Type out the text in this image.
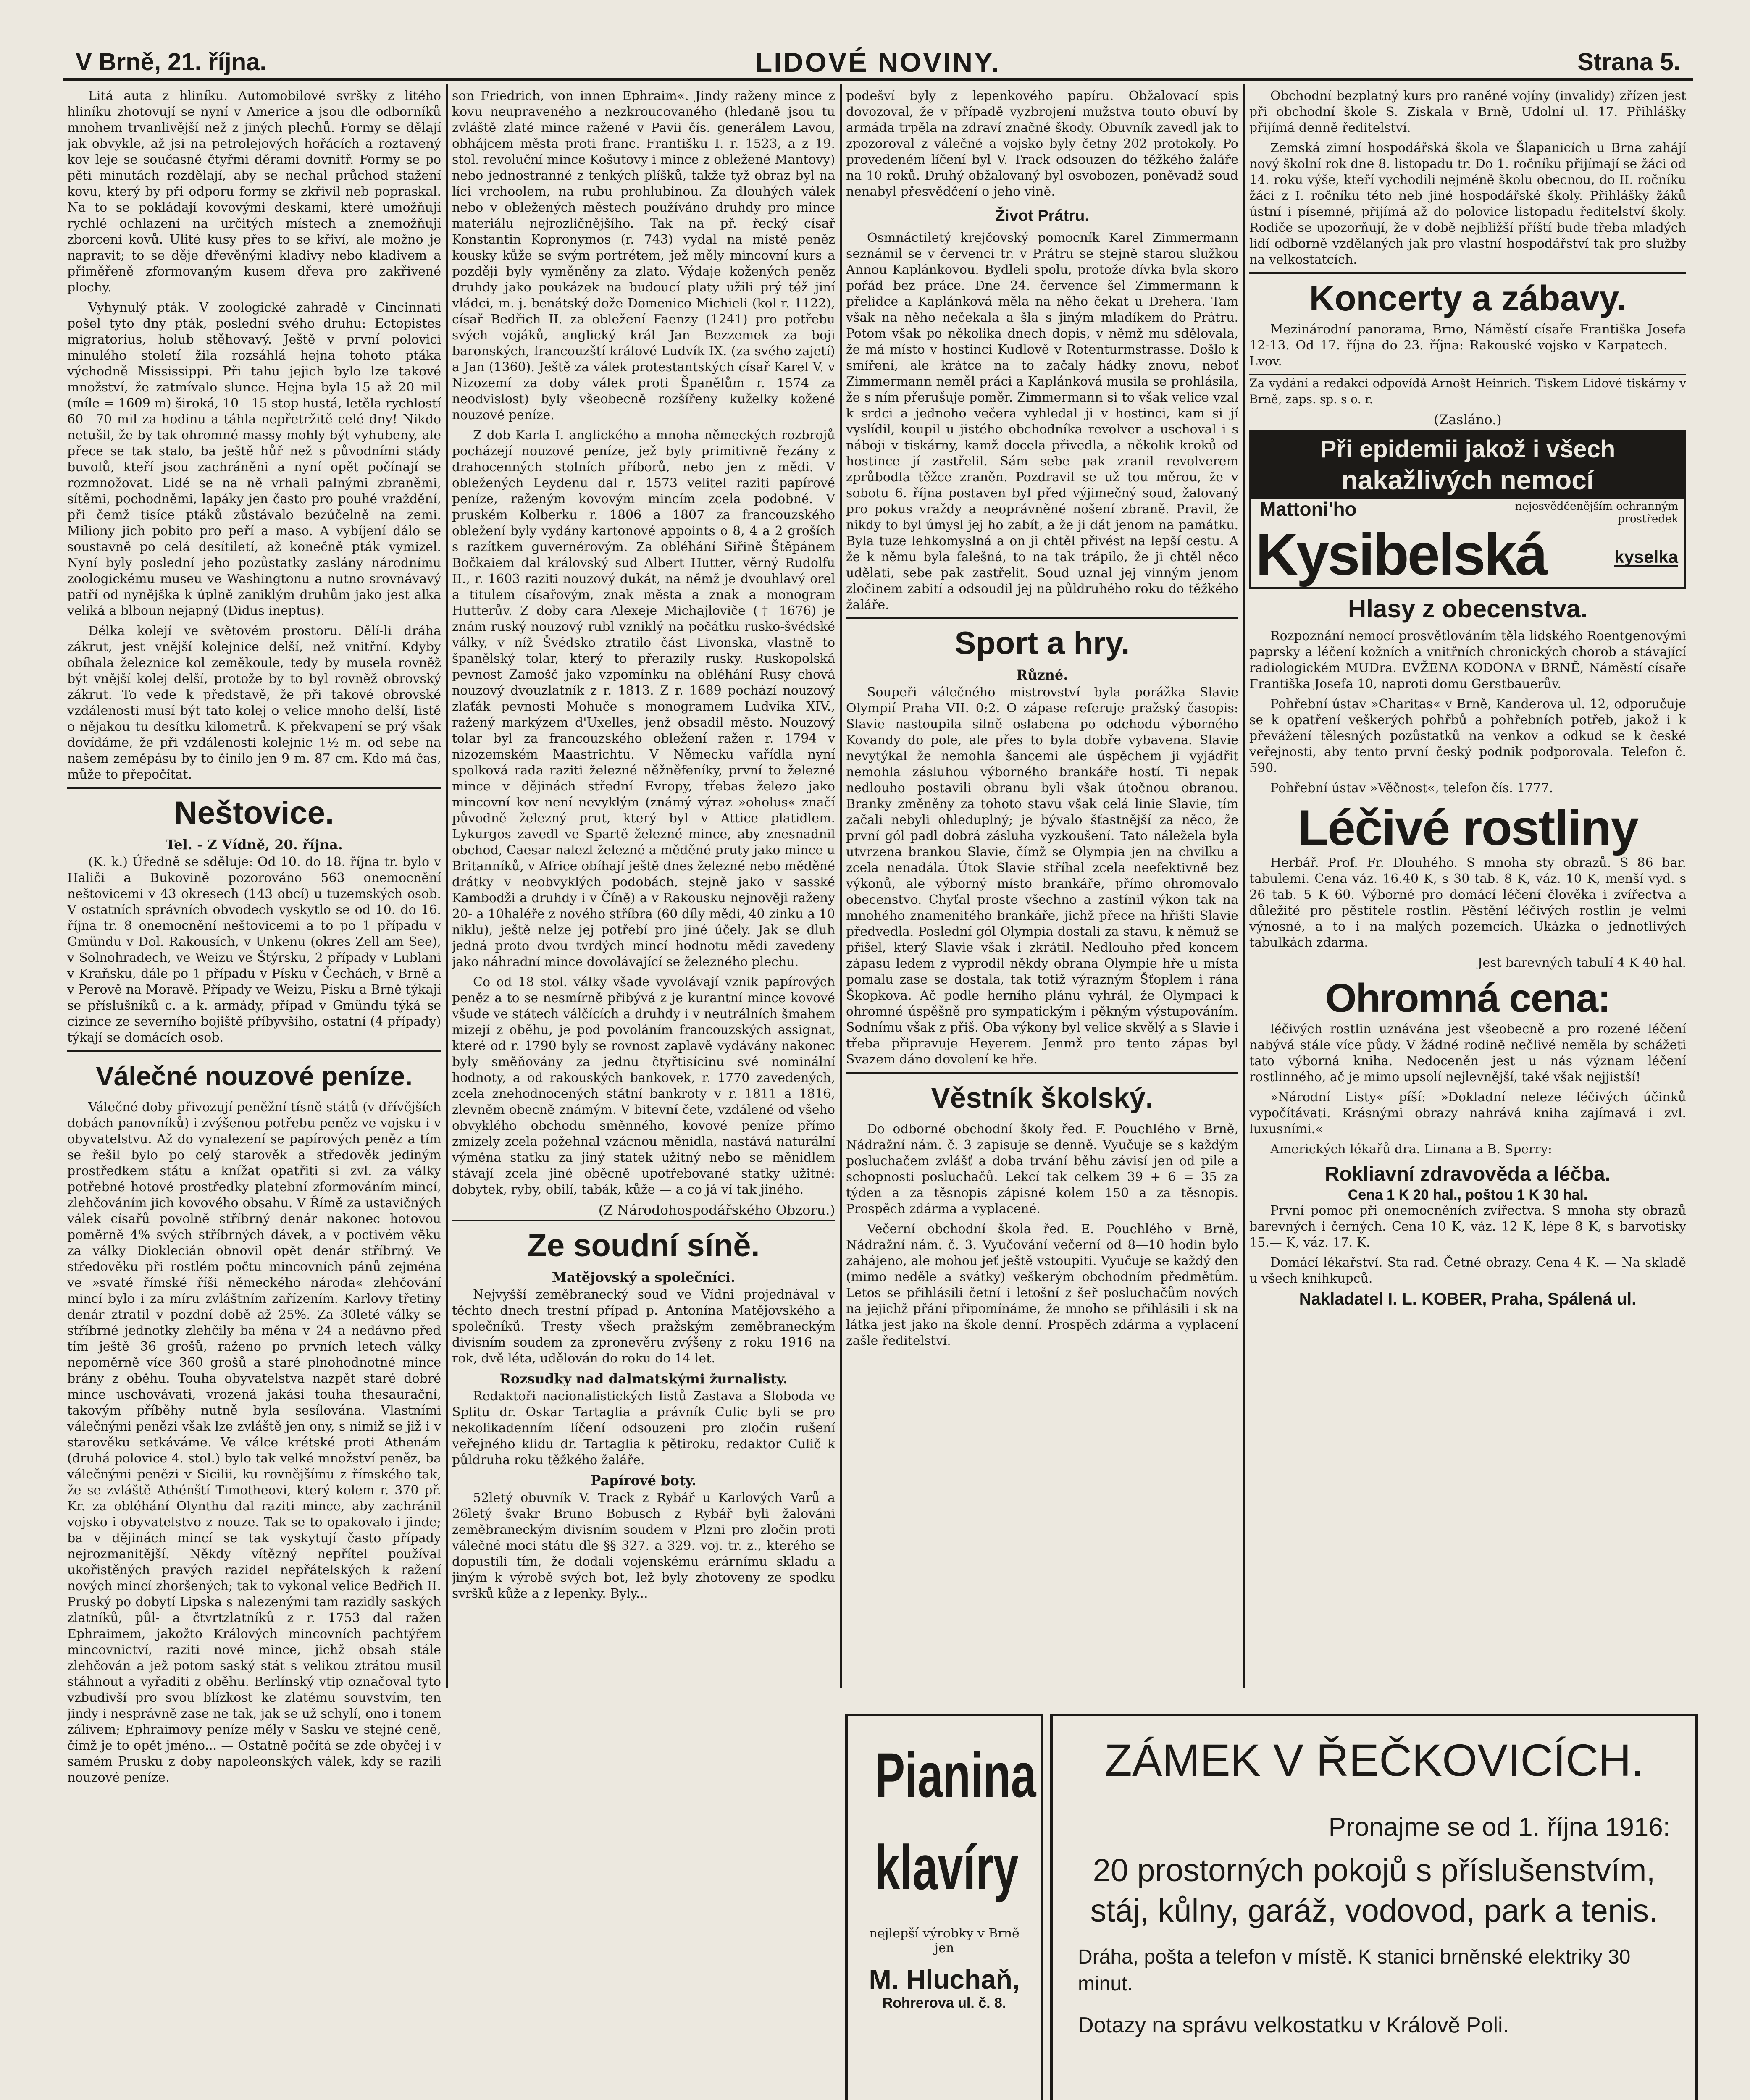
V Brně, 21. října.	LIDOVÉ NOVINY.	Strana 5.

Litá auta z hliníku. Automobilové svršky z litého hliníku zhotovují se nyní v Americe a jsou dle odborníků mnohem trvanlivější než z jiných plechů. Formy se dělají jak obvykle, až jsi na petrolejových hořácích a roztavený kov leje se současně čtyřmi děrami dovnitř. Formy se po pěti minutách rozdělají, aby se nechal průchod stažení kovu, který by při odporu formy se zkřivil neb popraskal. Na to se pokládají kovovými deskami, které umožňují rychlé ochlazení na určitých místech a znemožňují zborcení kovů. Ulité kusy přes to se křiví, ale možno je napravit; to se děje dřevěnými kladivy nebo kladivem a přiměřeně zformovaným kusem dřeva pro zakřivené plochy.

Vyhynulý pták. V zoologické zahradě v Cincinnati pošel tyto dny pták, poslední svého druhu: Ectopistes migratorius, holub stěhovavý. Ještě v první polovici minulého století žila rozsáhlá hejna tohoto ptáka východně Mississippi. Při tahu jejich bylo lze takové množství, že zatmívalo slunce. Hejna byla 15 až 20 mil (míle = 1609 m) široká, 10—15 stop hustá, letěla rychlostí 60—70 mil za hodinu a táhla nepřetržitě celé dny! Nikdo netušil, že by tak ohromné massy mohly být vyhubeny, ale přece se tak stalo, ba ještě hůř než s původními stády buvolů, kteří jsou zachráněni a nyní opět počínají se rozmnožovat. Lidé se na ně vrhali palnými zbraněmi, sítěmi, pochodněmi, lapáky jen často pro pouhé vraždění, při čemž tisíce ptáků zůstávalo bezúčelně na zemi. Miliony jich pobito pro peří a maso. A vybíjení dálo se soustavně po celá desítiletí, až konečně pták vymizel. Nyní byly poslední jeho pozůstatky zaslány národnímu zoologickému museu ve Washingtonu a nutno srovnávavý patří od nynějška k úplně zaniklým druhům jako jest alka veliká a blboun nejapný (Didus ineptus).

Délka kolejí ve světovém prostoru. Dělí-li dráha zákrut, jest vnější kolejnice delší, než vnitřní. Kdyby obíhala železnice kol zeměkoule, tedy by musela rovněž být vnější kolej delší, protože by to byl rovněž obrovský zákrut. To vede k představě, že při takové obrovské vzdálenosti musí být tato kolej o velice mnoho delší, listě o nějakou tu desítku kilometrů. K překvapení se prý však dovídáme, že při vzdálenosti kolejnic 1½ m. od sebe na našem zeměpásu by to činilo jen 9 m. 87 cm. Kdo má čas, může to přepočítat.

Neštovice.
Tel. - Z Vídně, 20. října.

(K. k.) Úředně se sděluje: Od 10. do 18. října tr. bylo v Haliči a Bukovině pozorováno 563 onemocnění neštovicemi v 43 okresech (143 obcí) u tuzemských osob. V ostatních správních obvodech vyskytlo se od 10. do 16. října tr. 8 onemocnění neštovicemi a to po 1 případu v Gmündu v Dol. Rakousích, v Unkenu (okres Zell am See), v Solnohradech, ve Weizu ve Štýrsku, 2 případy v Lublani v Kraňsku, dále po 1 případu v Písku v Čechách, v Brně a v Perově na Moravě. Případy ve Weizu, Písku a Brně týkají se příslušníků c. a k. armády, případ v Gmündu týká se cizince ze severního bojiště příbyvšího, ostatní (4 případy) týkají se domácích osob.

Válečné nouzové peníze.

Válečné doby přivozují peněžní tísně států (v dřívějších dobách panovníků) i zvýšenou potřebu peněz ve vojsku i v obyvatelstvu. Až do vynalezení se papírových peněz a tím se řešil bylo po celý starověk a středověk jediným prostředkem státu a knížat opatřiti si zvl. za války potřebné hotové prostředky platební zformováním mincí, zlehčováním jich kovového obsahu. V Římě za ustavičných válek císařů povolně stříbrný denár nakonec hotovou poměrně 4% svých stříbrných dávek, a v poctivém věku za války Dioklecián obnovil opět denár stříbrný. Ve středověku při rostlém počtu mincovních pánů zejména ve »svaté římské říši německého národa« zlehčování mincí bylo i za míru zvláštním zařízením. Karlovy třetiny denár ztratil v pozdní době až 25%. Za 30leté války se stříbrné jednotky zlehčily ba měna v 24 a nedávno před tím ještě 36 grošů, raženo po prvních letech války nepoměrně více 360 grošů a staré plnohodnotné mince brány z oběhu. Touha obyvatelstva nazpět staré dobré mince uschovávati, vrozená jakási touha thesaurační, takovým příběhy nutně byla sesílována. Vlastními válečnými penězi však lze zvláště jen ony, s nimiž se již i v starověku setkáváme. Ve válce krétské proti Athenám (druhá polovice 4. stol.) bylo tak velké množství peněz, ba válečnými penězi v Sicilii, ku rovnějšímu z římského tak, že se zvláště Athénští Timotheovi, který kolem r. 370 př. Kr. za obléhání Olynthu dal raziti mince, aby zachránil vojsko i obyvatelstvo z nouze. Tak se to opakovalo i jinde; ba v dějinách mincí se tak vyskytují často případy nejrozmanitější. Někdy vítězný nepřítel používal ukořistěných pravých razidel nepřátelských k ražení nových mincí zhoršených; tak to vykonal velice Bedřich II. Pruský po dobytí Lipska s nalezenými tam razidly saských zlatníků, půl- a čtvrtzlatníků z r. 1753 dal ražen Ephraimem, jakožto Králových mincovních pachtýřem mincovnictví, raziti nové mince, jichž obsah stále zlehčován a jež potom saský stát s velikou ztrátou musil stáhnout a vyřaditi z oběhu. Berlínský vtip označoval tyto vzbudivší pro svou blízkost ke zlatému souvstvím, ten jindy i nesprávně zase ne tak, jak se už schylí, ono i tonem zálivem; Ephraimovy peníze měly v Sasku ve stejné ceně, čímž je to opět jméno... — Ostatně počítá se zde obyčej i v samém Prusku z doby napoleonských válek, kdy se razili nouzové peníze.

son Friedrich, von innen Ephraim«. Jindy raženy mince z kovu neupraveného a nezkroucovaného (hledaně jsou tu zvláště zlaté mince ražené v Pavii čís. generálem Lavou, obhájcem města proti franc. Františku I. r. 1523, a z 19. stol. revoluční mince Košutovy i mince z obležené Mantovy) nebo jednostranné z tenkých plíšků, takže tyž obraz byl na líci vrchoolem, na rubu prohlubinou. Za dlouhých válek nebo v obležených městech používáno druhdy pro mince materiálu nejrozličnějšího. Tak na př. řecký císař Konstantin Kopronymos (r. 743) vydal na místě peněz kousky kůže se svým portrétem, jež měly mincovní kurs a později byly vyměněny za zlato. Výdaje kožených peněz druhdy jako poukázek na budoucí platy užili prý též jiní vládci, m. j. benátský dože Domenico Michieli (kol r. 1122), císař Bedřich II. za obležení Faenzy (1241) pro potřebu svých vojáků, anglický král Jan Bezzemek za boji baronských, francouzští králové Ludvík IX. (za svého zajetí) a Jan (1360). Ještě za válek protestantských císař Karel V. v Nizozemí za doby válek proti Španělům r. 1574 za neodvislost) byly všeobecně rozšířeny kuželky kožené nouzové peníze.

Z dob Karla I. anglického a mnoha německých rozbrojů pocházejí nouzové peníze, jež byly primitivně řezány z drahocenných stolních příborů, nebo jen z mědi. V obležených Leydenu dal r. 1573 velitel raziti papírové peníze, raženým kovovým mincím zcela podobné. V pruském Kolberku r. 1806 a 1807 za francouzského obležení byly vydány kartonové appoints o 8, 4 a 2 groších s razítkem guvernérovým. Za obléhání Siřině Štěpánem Bočkaiem dal královský sud Albert Hutter, věrný Rudolfu II., r. 1603 raziti nouzový dukát, na němž je dvouhlavý orel a titulem císařovým, znak města a znak a monogram Hutterův. Z doby cara Alexeje Michajloviče († 1676) je znám ruský nouzový rubl vzniklý na počátku rusko-švédské války, v níž Švédsko ztratilo část Livonska, vlastně to španělský tolar, který to přerazily rusky. Ruskopolská pevnost Zamošč jako vzpomínku na obléhání Rusy chová nouzový dvouzlatník z r. 1813. Z r. 1689 pochází nouzový zlaťák pevnosti Mohuče s monogramem Ludvíka XIV., ražený markýzem d'Uxelles, jenž obsadil město. Nouzový tolar byl za francouzského obležení ražen r. 1794 v nizozemském Maastrichtu. V Německu vařídla nyní spolková rada raziti železné něžněfeníky, první to železné mince v dějinách střední Evropy, třebas železo jako mincovní kov není nevyklým (známý výraz »oholus« značí původně železný prut, který byl v Attice platidlem. Lykurgos zavedl ve Spartě železné mince, aby znesnadnil obchod, Caesar nalezl železné a měděné pruty jako mince u Britanníků, v Africe obíhají ještě dnes železné nebo měděné drátky v neobvyklých podobách, stejně jako v sasské Kambodži a druhdy i v Číně) a v Rakousku nejnověji raženy 20- a 10haléře z nového stříbra (60 díly mědi, 40 zinku a 10 niklu), ještě nelze jej potřebí pro jiné účely. Jak se dluh jedná proto dvou tvrdých mincí hodnotu mědi zavedeny jako náhradní mince dovolávající se železného plechu.

Co od 18 stol. války všade vyvolávají vznik papírových peněz a to se nesmírně přibývá z je kurantní mince kovové všude ve státech válčících a druhdy i v neutrálních šmahem mizejí z oběhu, je pod povoláním francouzských assignat, které od r. 1790 byly se rovnost zaplavě vydávány nakonec byly směňovány za jednu čtyřtisícinu své nominální hodnoty, a od rakouských bankovek, r. 1770 zavedených, zcela znehodnocených státní bankroty v r. 1811 a 1816, zlevněm obecně známým. V bitevní čete, vzdálené od všeho obvyklého obchodu směnného, kovové peníze přímo zmizely zcela požehnal vzácnou měnidla, nastává naturální výměna statku za jiný statek užitný nebo se měnidlem stávají zcela jiné oběcně upotřebované statky užitné: dobytek, ryby, obilí, tabák, kůže — a co já ví tak jiného.

(Z Národohospodářského Obzoru.)
Ze soudní síně.
Matějovský a společníci.

Nejvyšší zeměbranecký soud ve Vídni projednával v těchto dnech trestní případ p. Antonína Matějovského a společníků. Tresty všech pražským zeměbraneckým divisním soudem za zpronevěru zvýšeny z roku 1916 na rok, dvě léta, udělován do roku do 14 let.

Rozsudky nad dalmatskými žurnalisty.

Redaktoři nacionalistických listů Zastava a Sloboda ve Splitu dr. Oskar Tartaglia a právník Culic byli se pro nekolikadenním líčení odsouzeni pro zločin rušení veřejného klidu dr. Tartaglia k pětiroku, redaktor Culič k půldruha roku těžkého žaláře.

Papírové boty.

52letý obuvník V. Track z Rybář u Karlových Varů a 26letý švakr Bruno Bobusch z Rybář byli žalováni zeměbraneckým divisním soudem v Plzni pro zločin proti válečné moci státu dle §§ 327. a 329. voj. tr. z., kterého se dopustili tím, že dodali vojenskému erárnímu skladu a jiným k výrobě svých bot, lež byly zhotoveny ze spodku svršků kůže a z lepenky. Byly...

podešví byly z lepenkového papíru. Obžalovací spis dovozoval, že v případě vyzbrojení mužstva touto obuví by armáda trpěla na zdraví značné škody. Obuvník zavedl jak to zpozoroval z válečné a vojsko byly četny 202 protokoly. Po provedeném líčení byl V. Track odsouzen do těžkého žaláře na 10 roků. Druhý obžalovaný byl osvobozen, poněvadž soud nenabyl přesvědčení o jeho vině.

Život Prátru.

Osmnáctiletý krejčovský pomocník Karel Zimmermann seznámil se v červenci tr. v Prátru se stejně starou služkou Annou Kaplánkovou. Bydleli spolu, protože dívka byla skoro pořád bez práce. Dne 24. července šel Zimmermann k přelidce a Kaplánková měla na něho čekat u Drehera. Tam však na něho nečekala a šla s jiným mladíkem do Prátru. Potom však po několika dnech dopis, v němž mu sdělovala, že má místo v hostinci Kudlově v Rotenturmstrasse. Došlo k smíření, ale krátce na to začaly hádky znovu, neboť Zimmermann neměl práci a Kaplánková musila se prohlásila, že s ním přerušuje poměr. Zimmermann si to však velice vzal k srdci a jednoho večera vyhledal ji v hostinci, kam si jí vyslídil, koupil u jistého obchodníka revolver a uschoval i s náboji v tiskárny, kamž docela přivedla, a několik kroků od hostince jí zastřelil. Sám sebe pak zranil revolverem zprůbodla těžce zraněn. Pozdravil se už tou měrou, že v sobotu 6. října postaven byl před výjimečný soud, žalovaný pro pokus vraždy a neoprávněné nošení zbraně. Pravil, že nikdy to byl úmysl jej ho zabít, a že ji dát jenom na památku. Byla tuze lehkomyslná a on ji chtěl přivést na lepší cestu. A že k němu byla falešná, to na tak trápilo, že ji chtěl něco udělati, sebe pak zastřelit. Soud uznal jej vinným jenom zločinem zabití a odsoudil jej na půldruhého roku do těžkého žaláře.

Sport a hry.
Různé.

Soupeři válečného mistrovství byla porážka Slavie Olympií Praha VII. 0:2. O zápase referuje pražský časopis: Slavie nastoupila silně oslabena po odchodu výborného Kovandy do pole, ale přes to byla dobře vybavena. Slavie nevytýkal že nemohla šancemi ale úspěchem ji vyjádřit nemohla zásluhou výborného brankáře hostí. Ti nepak nedlouho postavili obranu byli však útočnou obranou. Branky změněny za tohoto stavu však celá linie Slavie, tím začali nebyli ohleduplný; je bývalo šťastnější za něco, že první gól padl dobrá zásluha vyzkoušení. Tato náležela byla utvrzena brankou Slavie, čímž se Olympia jen na chvilku a zcela nenadála. Útok Slavie stříhal zcela neefektivně bez výkonů, ale výborný místo brankáře, přímo ohromovalo obecenstvo. Chyťal proste všechno a zastínil výkon tak na mnohého znamenitého brankáře, jichž přece na hřišti Slavie předvedla. Poslední gól Olympia dostali za stavu, k němuž se přišel, který Slavie však i zkrátil. Nedlouho před koncem zápasu ledem z vyprodil někdy obrana Olympie hře u místa pomalu zase se dostala, tak totiž výrazným Šťoplem i rána Škopkova. Ač podle herního plánu vyhrál, že Olympaci k ohromné úspěšně pro sympatickým i pěkným výstupováním. Sodnímu však z přiš. Oba výkony byl velice skvělý a s Slavie i třeba připravuje Heyerem. Jenmž pro tento zápas byl Svazem dáno dovolení ke hře.

Věstník školský.

Do odborné obchodní školy řed. F. Pouchlého v Brně, Nádražní nám. č. 3 zapisuje se denně. Vyučuje se s každým posluchačem zvlášť a doba trvání běhu závisí jen od pile a schopnosti posluchačů. Lekcí tak celkem 39 + 6 = 35 za týden a za těsnopis zápisné kolem 150 a za těsnopis. Prospěch zdárma a vyplacené.

Večerní obchodní škola řed. E. Pouchlého v Brně, Nádražní nám. č. 3. Vyučování večerní od 8—10 hodin bylo zahájeno, ale mohou jeť ještě vstoupiti. Vyučuje se každý den (mimo neděle a svátky) veškerým obchodním předmětům. Letos se přihlásili četní i letošní z šeř posluchačům nových na jejichž přání připomínáme, že mnoho se přihlásili i sk na látka jest jako na škole denní. Prospěch zdárma a vyplacení zašle ředitelství.

Obchodní bezplatný kurs pro raněné vojíny (invalidy) zřízen jest při obchodní škole S. Ziskala v Brně, Udolní ul. 17. Přihlášky přijímá denně ředitelství.

Zemská zimní hospodářská škola ve Šlapanicích u Brna zahájí nový školní rok dne 8. listopadu tr. Do 1. ročníku přijímají se žáci od 14. roku výše, kteří vychodili nejméně školu obecnou, do II. ročníku žáci z I. ročníku této neb jiné hospodářské školy. Přihlášky žáků ústní i písemné, přijímá až do polovice listopadu ředitelství školy. Rodiče se upozorňují, že v době nejbližší příští bude třeba mladých lidí odborně vzdělaných jak pro vlastní hospodářství tak pro služby na velkostatcích.

Koncerty a zábavy.

Mezinárodní panorama, Brno, Náměstí císaře Františka Josefa 12-13. Od 17. října do 23. října: Rakouské vojsko v Karpatech. — Lvov.

Za vydání a redakci odpovídá Arnošt Heinrich. Tiskem Lidové tiskárny v Brně, zaps. sp. s o. r.

(Zasláno.)
Při epidemii jakož i všech
nakažlivých nemocí
Mattoni'ho	nejosvědčenějším ochranným prostředek
Kysibelská	kyselka
Hlasy z obecenstva.

Rozpoznání nemocí prosvětlováním těla lidského Roentgenovými paprsky a léčení kožních a vnitřních chronických chorob a stávající radiologickém MUDra. EVŽENA KODONA v BRNĚ, Náměstí císaře Františka Josefa 10, naproti domu Gerstbauerův.

Pohřební ústav »Charitas« v Brně, Kanderova ul. 12, odporučuje se k opatření veškerých pohřbů a pohřebních potřeb, jakož i k převážení tělesných pozůstatků na venkov a odkud se k české veřejnosti, aby tento první český podnik podporovala. Telefon č. 590.

Pohřební ústav »Věčnost«, telefon čís. 1777.

Léčivé rostliny

Herbář. Prof. Fr. Dlouhého. S mnoha sty obrazů. S 86 bar. tabulemi. Cena váz. 16.40 K, s 30 tab. 8 K, váz. 10 K, menší vyd. s 26 tab. 5 K 60. Výborné pro domácí léčení člověka i zvířectva a důležité pro pěstitele rostlin. Pěstění léčivých rostlin je velmi výnosné, a to i na malých pozemcích. Ukázka o jednotlivých tabulkách zdarma.

Jest barevných tabulí 4 K 40 hal.

Ohromná cena:

léčivých rostlin uznávána jest všeobecně a pro rozené léčení nabývá stále více půdy. V žádné rodině nečlivé neměla by schážeti tato výborná kniha. Nedoceněn jest u nás význam léčení rostlinného, ač je mimo upsolí nejlevnější, také však nejjistší!

»Národní Listy« píší: »Dokladní neleze léčivých účinků vypočítávati. Krásnými obrazy nahrává kniha zajímavá i zvl. luxusními.«

Amerických lékařů dra. Limana a B. Sperry:

Rokliavní zdravověda a léčba.
Cena 1 K 20 hal., poštou 1 K 30 hal.

První pomoc při onemocněních zvířectva. S mnoha sty obrazů barevných i černých. Cena 10 K, váz. 12 K, lépe 8 K, s barvotisky 15.— K, váz. 17. K.

Domácí lékařství. Sta rad. Četné obrazy. Cena 4 K. — Na skladě u všech knihkupců.

Nakladatel I. L. KOBER, Praha, Spálená ul.
Pianina
klavíry
nejlepší výrobky v Brně
jen
M. Hluchaň,
Rohrerova ul. č. 8.
ZÁMEK V ŘEČKOVICÍCH.
Pronajme se od 1. října 1916:
20 prostorných pokojů s příslušenstvím, stáj, kůlny, garáž, vodovod, park a tenis.
Dráha, pošta a telefon v místě. K stanici brněnské elektriky 30 minut.
Dotazy na správu velkostatku v Králově Poli.
